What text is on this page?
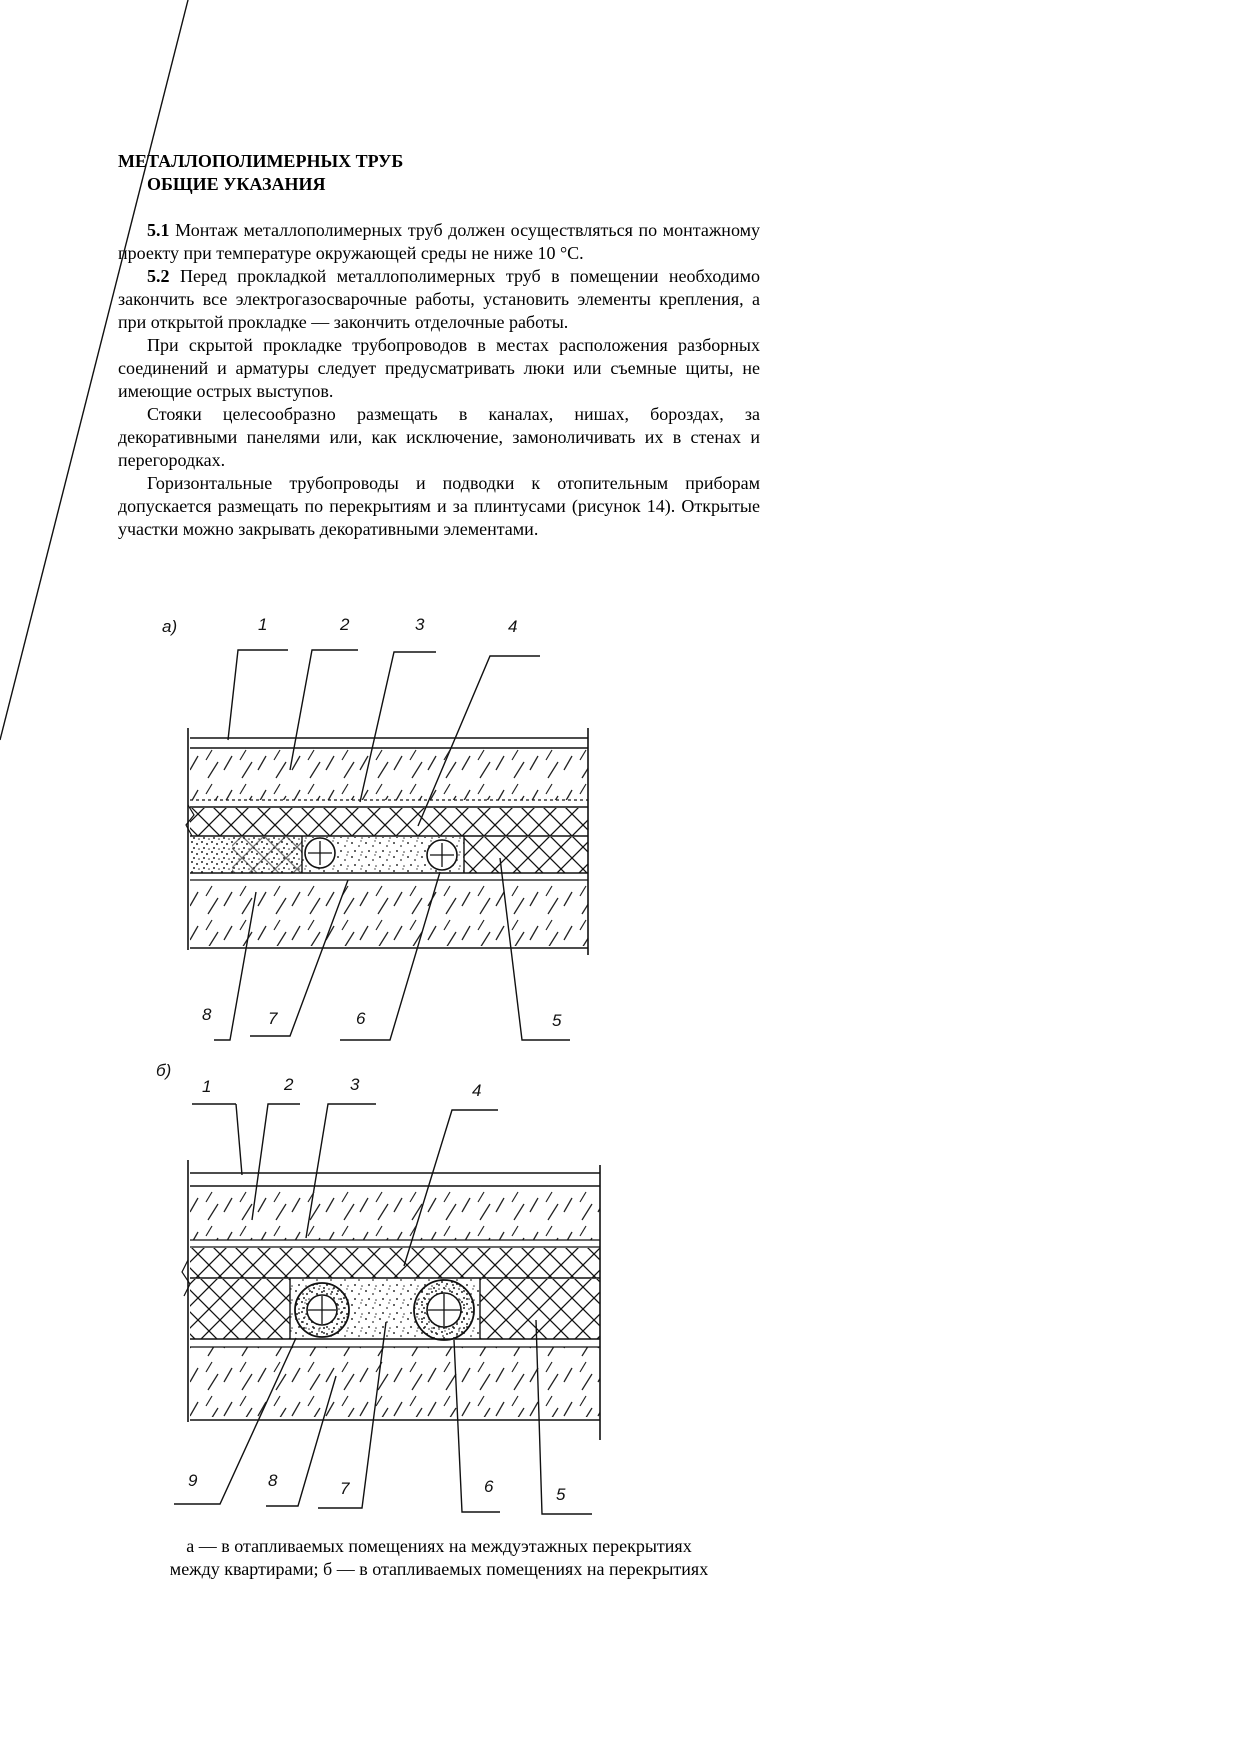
МЕТАЛЛОПОЛИМЕРНЫХ ТРУБ
ОБЩИЕ УКАЗАНИЯ

5.1 Монтаж металлополимерных труб должен осуществляться по монтажному проекту при температуре окружающей среды не ниже 10 °С.

5.2 Перед прокладкой металлополимерных труб в помещении необходимо закончить все электрогазосварочные работы, установить элементы крепления, а при открытой прокладке — закончить отделочные работы.

При скрытой прокладке трубопроводов в местах расположения разборных соединений и арматуры следует предусматривать люки или съемные щиты, не имеющие острых выступов.

Стояки целесообразно размещать в каналах, нишах, бороздах, за декоративными панелями или, как исключение, замоноличивать их в стенах и перегородках.

Горизонтальные трубопроводы и подводки к отопительным приборам допускается размещать по перекрытиям и за плинтусами (рисунок 14). Открытые участки можно закрывать декоративными элементами.

а)	1	2	3	4
8	7	6	5
б)
1	2	3	4
9	8	7	6	5
а — в отапливаемых помещениях на междуэтажных перекрытиях
между квартирами; б — в отапливаемых помещениях на перекрытиях
